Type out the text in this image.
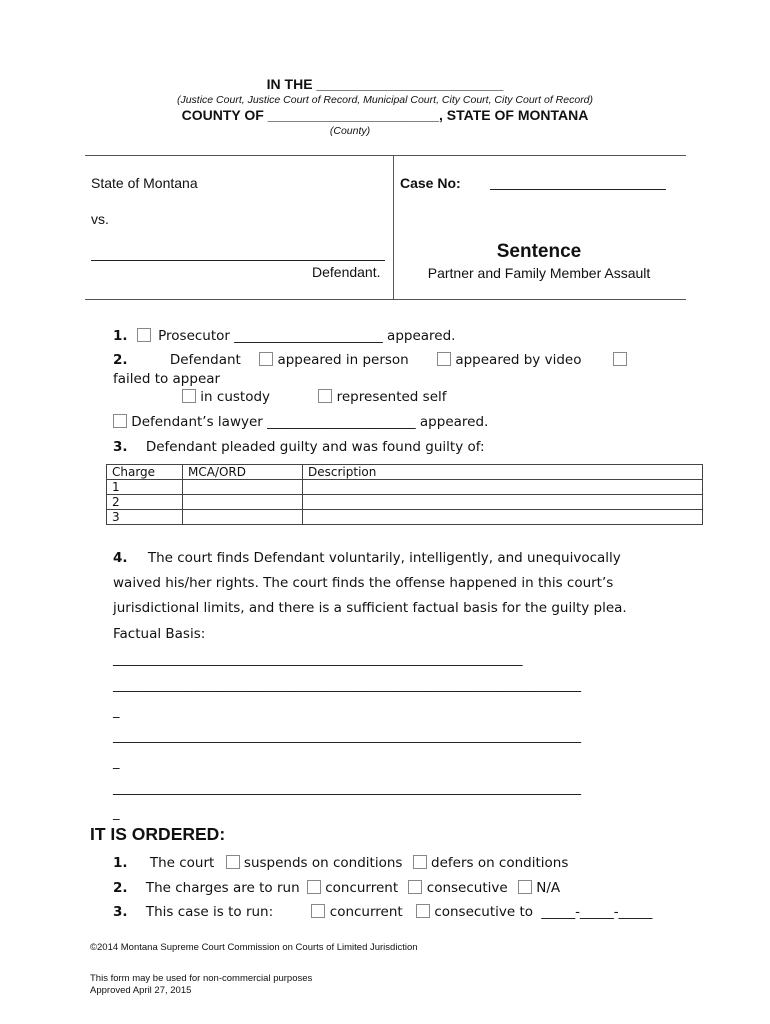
IN THE ________________________
(Justice Court, Justice Court of Record, Municipal Court, City Court, City Court of Record)
COUNTY OF ______________________, STATE OF MONTANA
(County)
State of Montana
vs.
Defendant.
Case No:
Sentence
Partner and Family Member Assault
1. Prosecutor ______________________ appeared.
2.	Defendant	appeared in person	appeared by video
failed to appear
in custody	represented self
Defendant’s lawyer ______________________ appeared.
3. Defendant pleaded guilty and was found guilty of:
Charge	MCA/ORD	Description
1		
2		
3		
4. The court finds Defendant voluntarily, intelligently, and unequivocally
waived his/her rights. The court finds the offense happened in this court’s
jurisdictional limits, and there is a sufficient factual basis for the guilty plea.
Factual Basis:
_______________________________________________________________
________________________________________________________________________
_
________________________________________________________________________
_
________________________________________________________________________
_
IT IS ORDERED:
1. The court suspends on conditions defers on conditions
2. The charges are to run concurrent consecutive N/A
3. This case is to run:	concurrent consecutive to _____-_____-_____
©2014 Montana Supreme Court Commission on Courts of Limited Jurisdiction
This form may be used for non-commercial purposes
Approved April 27, 2015
